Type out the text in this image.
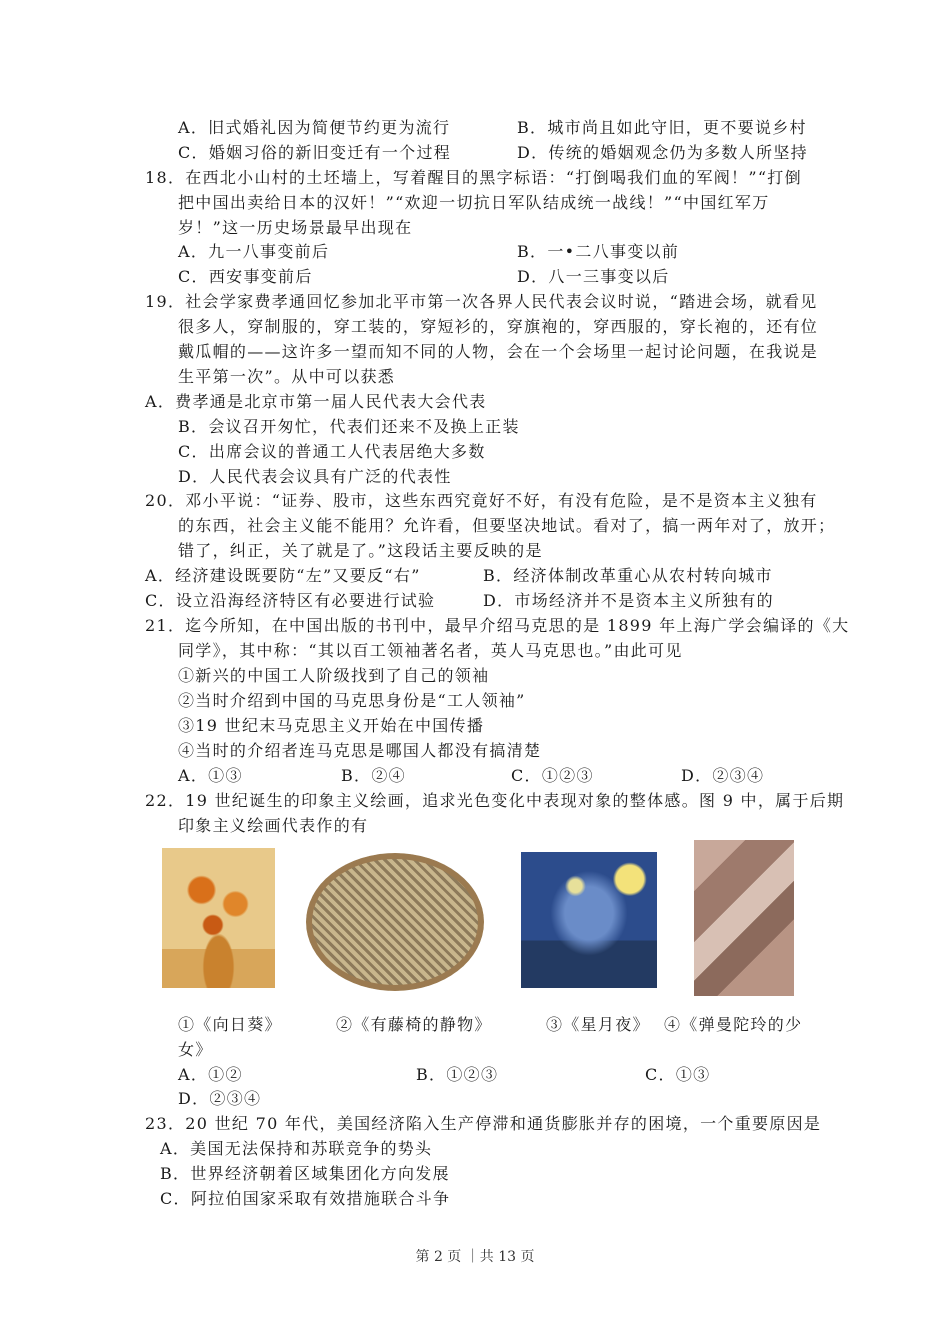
A．旧式婚礼因为简便节约更为流行	B．城市尚且如此守旧，更不要说乡村
C．婚姻习俗的新旧变迁有一个过程	D．传统的婚姻观念仍为多数人所坚持
18．在西北小山村的土坯墙上，写着醒目的黑字标语：“打倒喝我们血的军阀！”“打倒
把中国出卖给日本的汉奸！”“欢迎一切抗日军队结成统一战线！”“中国红军万
岁！”这一历史场景最早出现在
A．九一八事变前后	B．一•二八事变以前
C．西安事变前后	D．八一三事变以后
19．社会学家费孝通回忆参加北平市第一次各界人民代表会议时说，“踏进会场，就看见
很多人，穿制服的，穿工装的，穿短衫的，穿旗袍的，穿西服的，穿长袍的，还有位
戴瓜帽的——这许多一望而知不同的人物，会在一个会场里一起讨论问题，在我说是
生平第一次”。从中可以获悉
A．费孝通是北京市第一届人民代表大会代表
B．会议召开匆忙，代表们还来不及换上正装
C．出席会议的普通工人代表居绝大多数
D．人民代表会议具有广泛的代表性
20．邓小平说：“证券、股市，这些东西究竟好不好，有没有危险，是不是资本主义独有
的东西，社会主义能不能用？允许看，但要坚决地试。看对了，搞一两年对了，放开；
错了，纠正，关了就是了。”这段话主要反映的是
A．经济建设既要防“左”又要反“右”	B．经济体制改革重心从农村转向城市
C．设立沿海经济特区有必要进行试验	D．市场经济并不是资本主义所独有的
21．迄今所知，在中国出版的书刊中，最早介绍马克思的是 1899 年上海广学会编译的《大
同学》，其中称：“其以百工领袖著名者，英人马克思也。”由此可见
①新兴的中国工人阶级找到了自己的领袖
②当时介绍到中国的马克思身份是“工人领袖”
③19 世纪末马克思主义开始在中国传播
④当时的介绍者连马克思是哪国人都没有搞清楚
A．①③	B．②④	C．①②③	D．②③④
22．19 世纪诞生的印象主义绘画，追求光色变化中表现对象的整体感。图 9 中，属于后期
印象主义绘画代表作的有
①《向日葵》	②《有藤椅的静物》	③《星月夜》 ④《弹曼陀玲的少
女》
A．①②	B．①②③	C．①③
D．②③④
23．20 世纪 70 年代，美国经济陷入生产停滞和通货膨胀并存的困境，一个重要原因是
A．美国无法保持和苏联竞争的势头
B．世界经济朝着区域集团化方向发展
C．阿拉伯国家采取有效措施联合斗争
第 2 页 ｜共 13 页
